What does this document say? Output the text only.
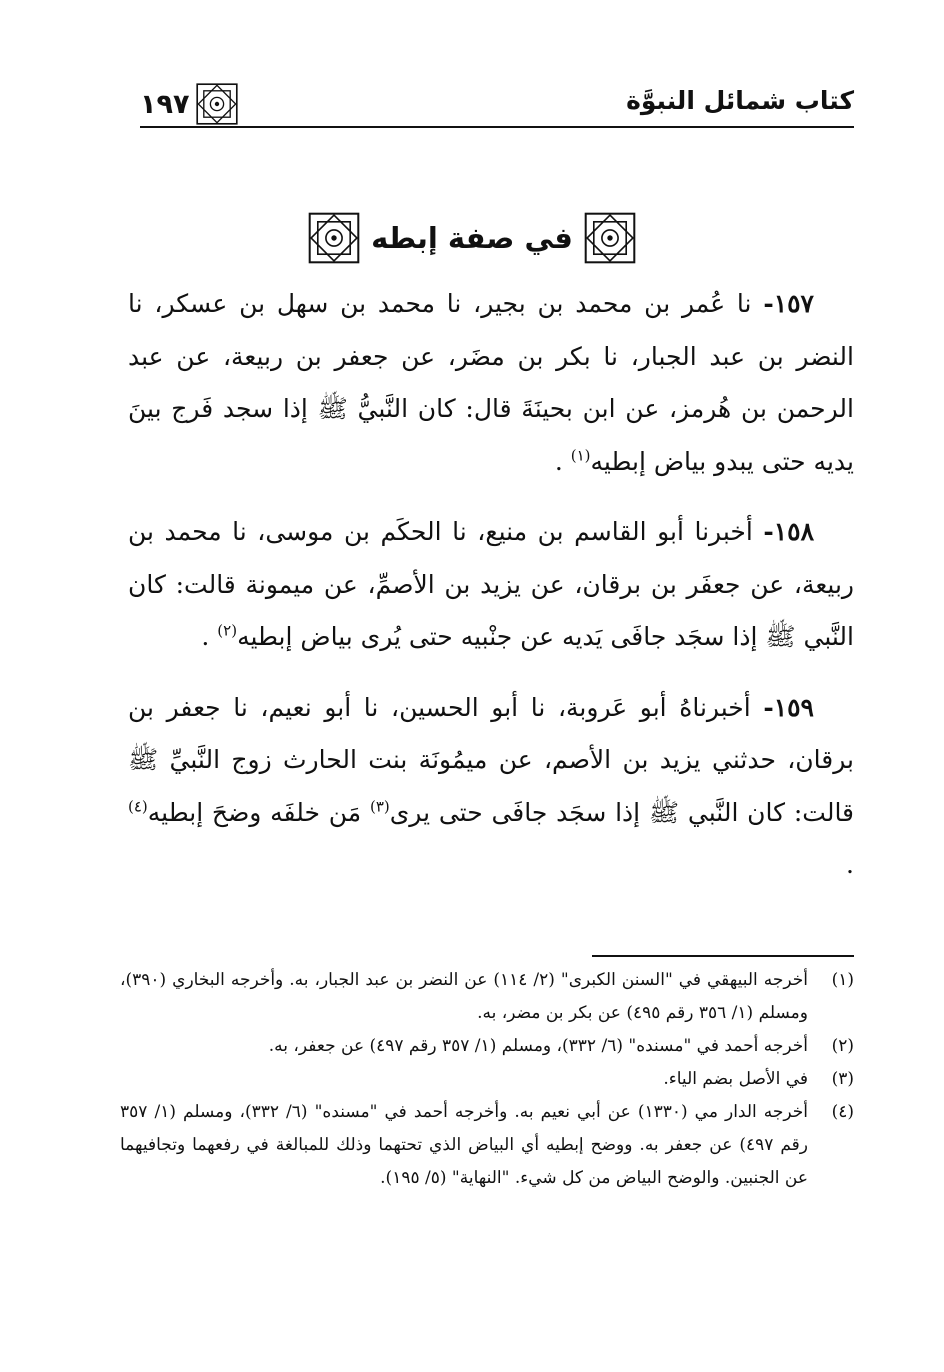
كتاب شمائل النبوَّة
١٩٧
في صفة إبطه

١٥٧- نا عُمر بن محمد بن بجير، نا محمد بن سهل بن عسكر، نا النضر بن عبد الجبار، نا بكر بن مضَر، عن جعفر بن ربيعة، عن عبد الرحمن بن هُرمز، عن ابن بحينَةَ قال: كان النَّبيُّ ﷺ إذا سجد فَرج بينَ يديه حتى يبدو بياض إبطيه$^{(١)}$ .

١٥٨- أخبرنا أبو القاسم بن منيع، نا الحكَم بن موسى، نا محمد بن ربيعة، عن جعفَر بن برقان، عن يزيد بن الأصمِّ، عن ميمونة قالت: كان النَّبي ﷺ إذا سجَد جافَى يَديه عن جنْبيه حتى يُرى بياض إبطيه$^{(٢)}$ .

١٥٩- أخبرناهُ أبو عَروبة، نا أبو الحسين، نا أبو نعيم، نا جعفر بن برقان، حدثني يزيد بن الأصم، عن ميمُونَة بنت الحارث زوج النَّبيِّ ﷺ قالت: كان النَّبي ﷺ إذا سجَد جافَى حتى يرى$^{(٣)}$ مَن خلفَه وضحَ إبطيه$^{(٤)}$ .

(١)
أخرجه البيهقي في "السنن الكبرى" (٢/ ١١٤) عن النضر بن عبد الجبار، به. وأخرجه البخاري (٣٩٠)، ومسلم (١/ ٣٥٦ رقم ٤٩٥) عن بكر بن مضر، به.
(٢)
أخرجه أحمد في "مسنده" (٦/ ٣٣٢)، ومسلم (١/ ٣٥٧ رقم ٤٩٧) عن جعفر، به.
(٣)
في الأصل بضم الياء.
(٤)
أخرجه الدار مي (١٣٣٠) عن أبي نعيم به. وأخرجه أحمد في "مسنده" (٦/ ٣٣٢)، ومسلم (١/ ٣٥٧ رقم ٤٩٧) عن جعفر به. ووضح إبطيه أي البياض الذي تحتهما وذلك للمبالغة في رفعهما وتجافيهما عن الجنبين. والوضح البياض من كل شيء. "النهاية" (٥/ ١٩٥).
